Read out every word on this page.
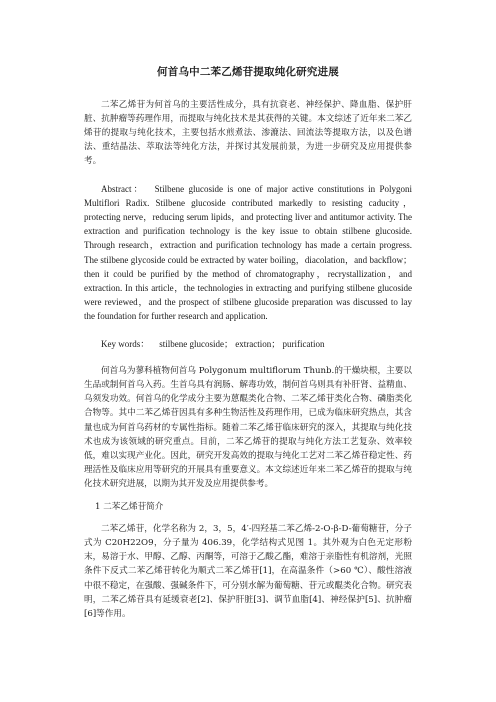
何首乌中二苯乙烯苷提取纯化研究进展

二苯乙烯苷为何首乌的主要活性成分，具有抗衰老、神经保护、降血脂、保护肝脏、抗肿瘤等药理作用，而提取与纯化技术是其获得的关键。本文综述了近年来二苯乙烯苷的提取与纯化技术，主要包括水煎煮法、渗漉法、回流法等提取方法，以及色谱法、重结晶法、萃取法等纯化方法，并探讨其发展前景，为进一步研究及应用提供参考。

Abstract： Stilbene glucoside is one of major active constitutions in Polygoni Multiflori Radix. Stilbene glucoside contributed markedly to resisting caducity，protecting nerve，reducing serum lipids，and protecting liver and antitumor activity. The extraction and purification technology is the key issue to obtain stilbene glucoside. Through research，extraction and purification technology has made a certain progress. The stilbene glycoside could be extracted by water boiling，diacolation，and backflow；then it could be purified by the method of chromatography，recrystallization，and extraction. In this article，the technologies in extracting and purifying stilbene glucoside were reviewed，and the prospect of stilbene glucoside preparation was discussed to lay the foundation for further research and application.

Key words： stilbene glucoside； extraction； purification

何首乌为蓼科植物何首乌 Polygonum multiflorum Thunb.的干燥块根，主要以生品或制何首乌入药。生首乌具有润肠、解毒功效，制何首乌则具有补肝肾、益精血、乌须发功效。何首乌的化学成分主要为蒽醌类化合物、二苯乙烯苷类化合物、磷脂类化合物等。其中二苯乙烯苷因具有多种生物活性及药理作用，已成为临床研究热点，其含量也成为何首乌药材的专属性指标。随着二苯乙烯苷临床研究的深入，其提取与纯化技术也成为该领域的研究重点。目前，二苯乙烯苷的提取与纯化方法工艺复杂、效率较低，难以实现产业化。因此，研究开发高效的提取与纯化工艺对二苯乙烯苷稳定性、药理活性及临床应用等研究的开展具有重要意义。本文综述近年来二苯乙烯苷的提取与纯化技术研究进展，以期为其开发及应用提供参考。

1 二苯乙烯苷简介

二苯乙烯苷，化学名称为 2，3，5，4′-四羟基二苯乙烯-2-O-β-D-葡萄糖苷，分子式为 C20H22O9，分子量为 406.39，化学结构式见图 1。其外观为白色无定形粉末，易溶于水、甲醇、乙醇、丙酮等，可溶于乙酸乙酯，难溶于亲脂性有机溶剂，光照条件下反式二苯乙烯苷转化为顺式二苯乙烯苷[1]，在高温条件（>60 ℃）、酸性溶液中很不稳定，在强酸、强碱条件下，可分别水解为葡萄糖、苷元或醌类化合物。研究表明，二苯乙烯苷具有延缓衰老[2]、保护肝脏[3]、调节血脂[4]、神经保护[5]、抗肿瘤[6]等作用。
